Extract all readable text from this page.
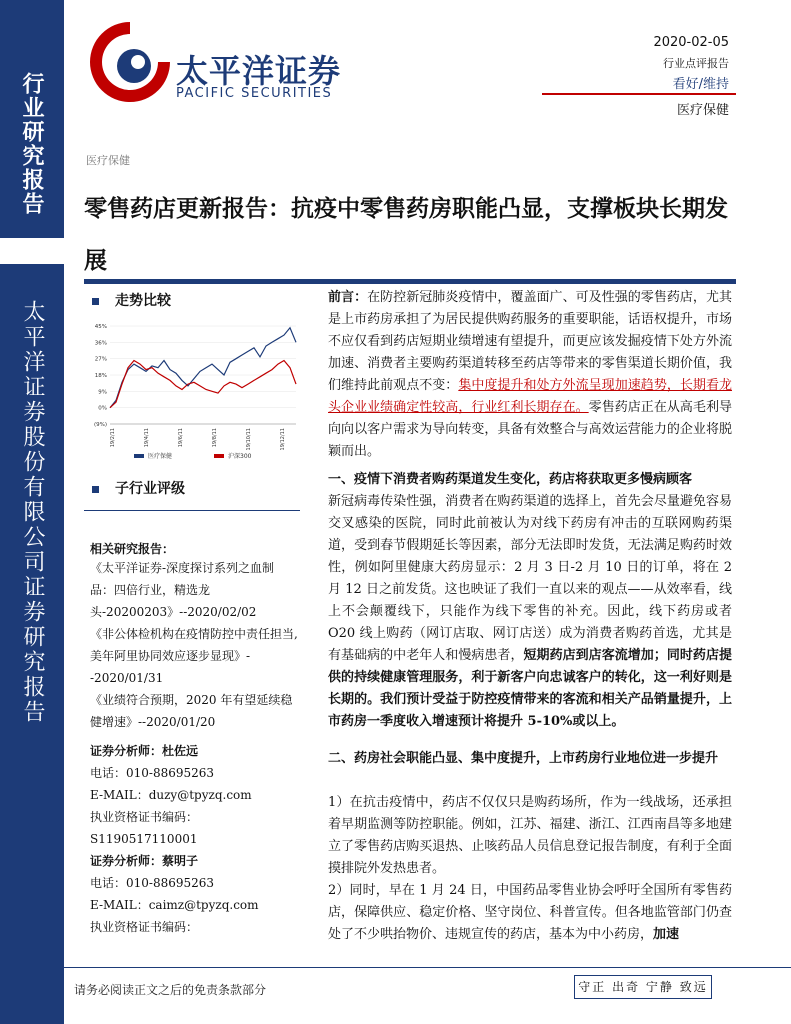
行业研究报告
太平洋证券股份有限公司证券研究报告
太平洋证券
PACIFIC SECURITIES
2020-02-05
行业点评报告
看好/维持
医疗保健
医疗保健
零售药店更新报告：抗疫中零售药房职能凸显，支撑板块长期发展
走势比较
45%
36%
27%
18%
9%
0%
(9%)
19/2/11	19/4/11	19/6/11	19/8/11	19/10/11	19/12/11
医疗保健	沪深300
子行业评级
相关研究报告：
《太平洋证券-深度探讨系列之血制品：四倍行业，精选龙头-20200203》--2020/02/02
《非公体检机构在疫情防控中责任担当,美年阿里协同效应逐步显现》--2020/01/31
《业绩符合预期，2020 年有望延续稳健增速》--2020/01/20
证券分析师：杜佐远
电话：010-88695263
E-MAIL：duzy@tpyzq.com
执业资格证书编码：S1190517110001
证券分析师：蔡明子
电话：010-88695263
E-MAIL：caimz@tpyzq.com
执业资格证书编码：

前言：在防控新冠肺炎疫情中，覆盖面广、可及性强的零售药店，尤其是上市药房承担了为居民提供购药服务的重要职能，话语权提升，市场不应仅看到药店短期业绩增速有望提升，而更应该发掘疫情下处方外流加速、消费者主要购药渠道转移至药店等带来的零售渠道长期价值，我们维持此前观点不变：集中度提升和处方外流呈现加速趋势，长期看龙头企业业绩确定性较高，行业红利长期存在。零售药店正在从高毛利导向向以客户需求为导向转变，具备有效整合与高效运营能力的企业将脱颖而出。

一、疫情下消费者购药渠道发生变化，药店将获取更多慢病顾客

新冠病毒传染性强，消费者在购药渠道的选择上，首先会尽量避免容易交叉感染的医院，同时此前被认为对线下药房有冲击的互联网购药渠道，受到春节假期延长等因素，部分无法即时发货，无法满足购药时效性，例如阿里健康大药房显示：2 月 3 日-2 月 10 日的订单，将在 2 月 12 日之前发货。这也映证了我们一直以来的观点——从效率看，线上不会颠覆线下，只能作为线下零售的补充。因此，线下药房或者 O20 线上购药（网订店取、网订店送）成为消费者购药首选，尤其是有基础病的中老年人和慢病患者，短期药店到店客流增加；同时药店提供的持续健康管理服务，利于新客户向忠诚客户的转化，这一利好则是长期的。我们预计受益于防控疫情带来的客流和相关产品销量提升，上市药房一季度收入增速预计将提升 5-10%或以上。

二、药房社会职能凸显、集中度提升，上市药房行业地位进一步提升

1）在抗击疫情中，药店不仅仅只是购药场所，作为一线战场，还承担着早期监测等防控职能。例如，江苏、福建、浙江、江西南昌等多地建立了零售药店购买退热、止咳药品人员信息登记报告制度，有利于全面摸排院外发热患者。

2）同时，早在 1 月 24 日，中国药品零售业协会呼吁全国所有零售药店，保障供应、稳定价格、坚守岗位、科普宣传。但各地监管部门仍查处了不少哄抬物价、违规宣传的药店，基本为中小药房，加速

请务必阅读正文之后的免责条款部分	守正 出奇 宁静 致远
